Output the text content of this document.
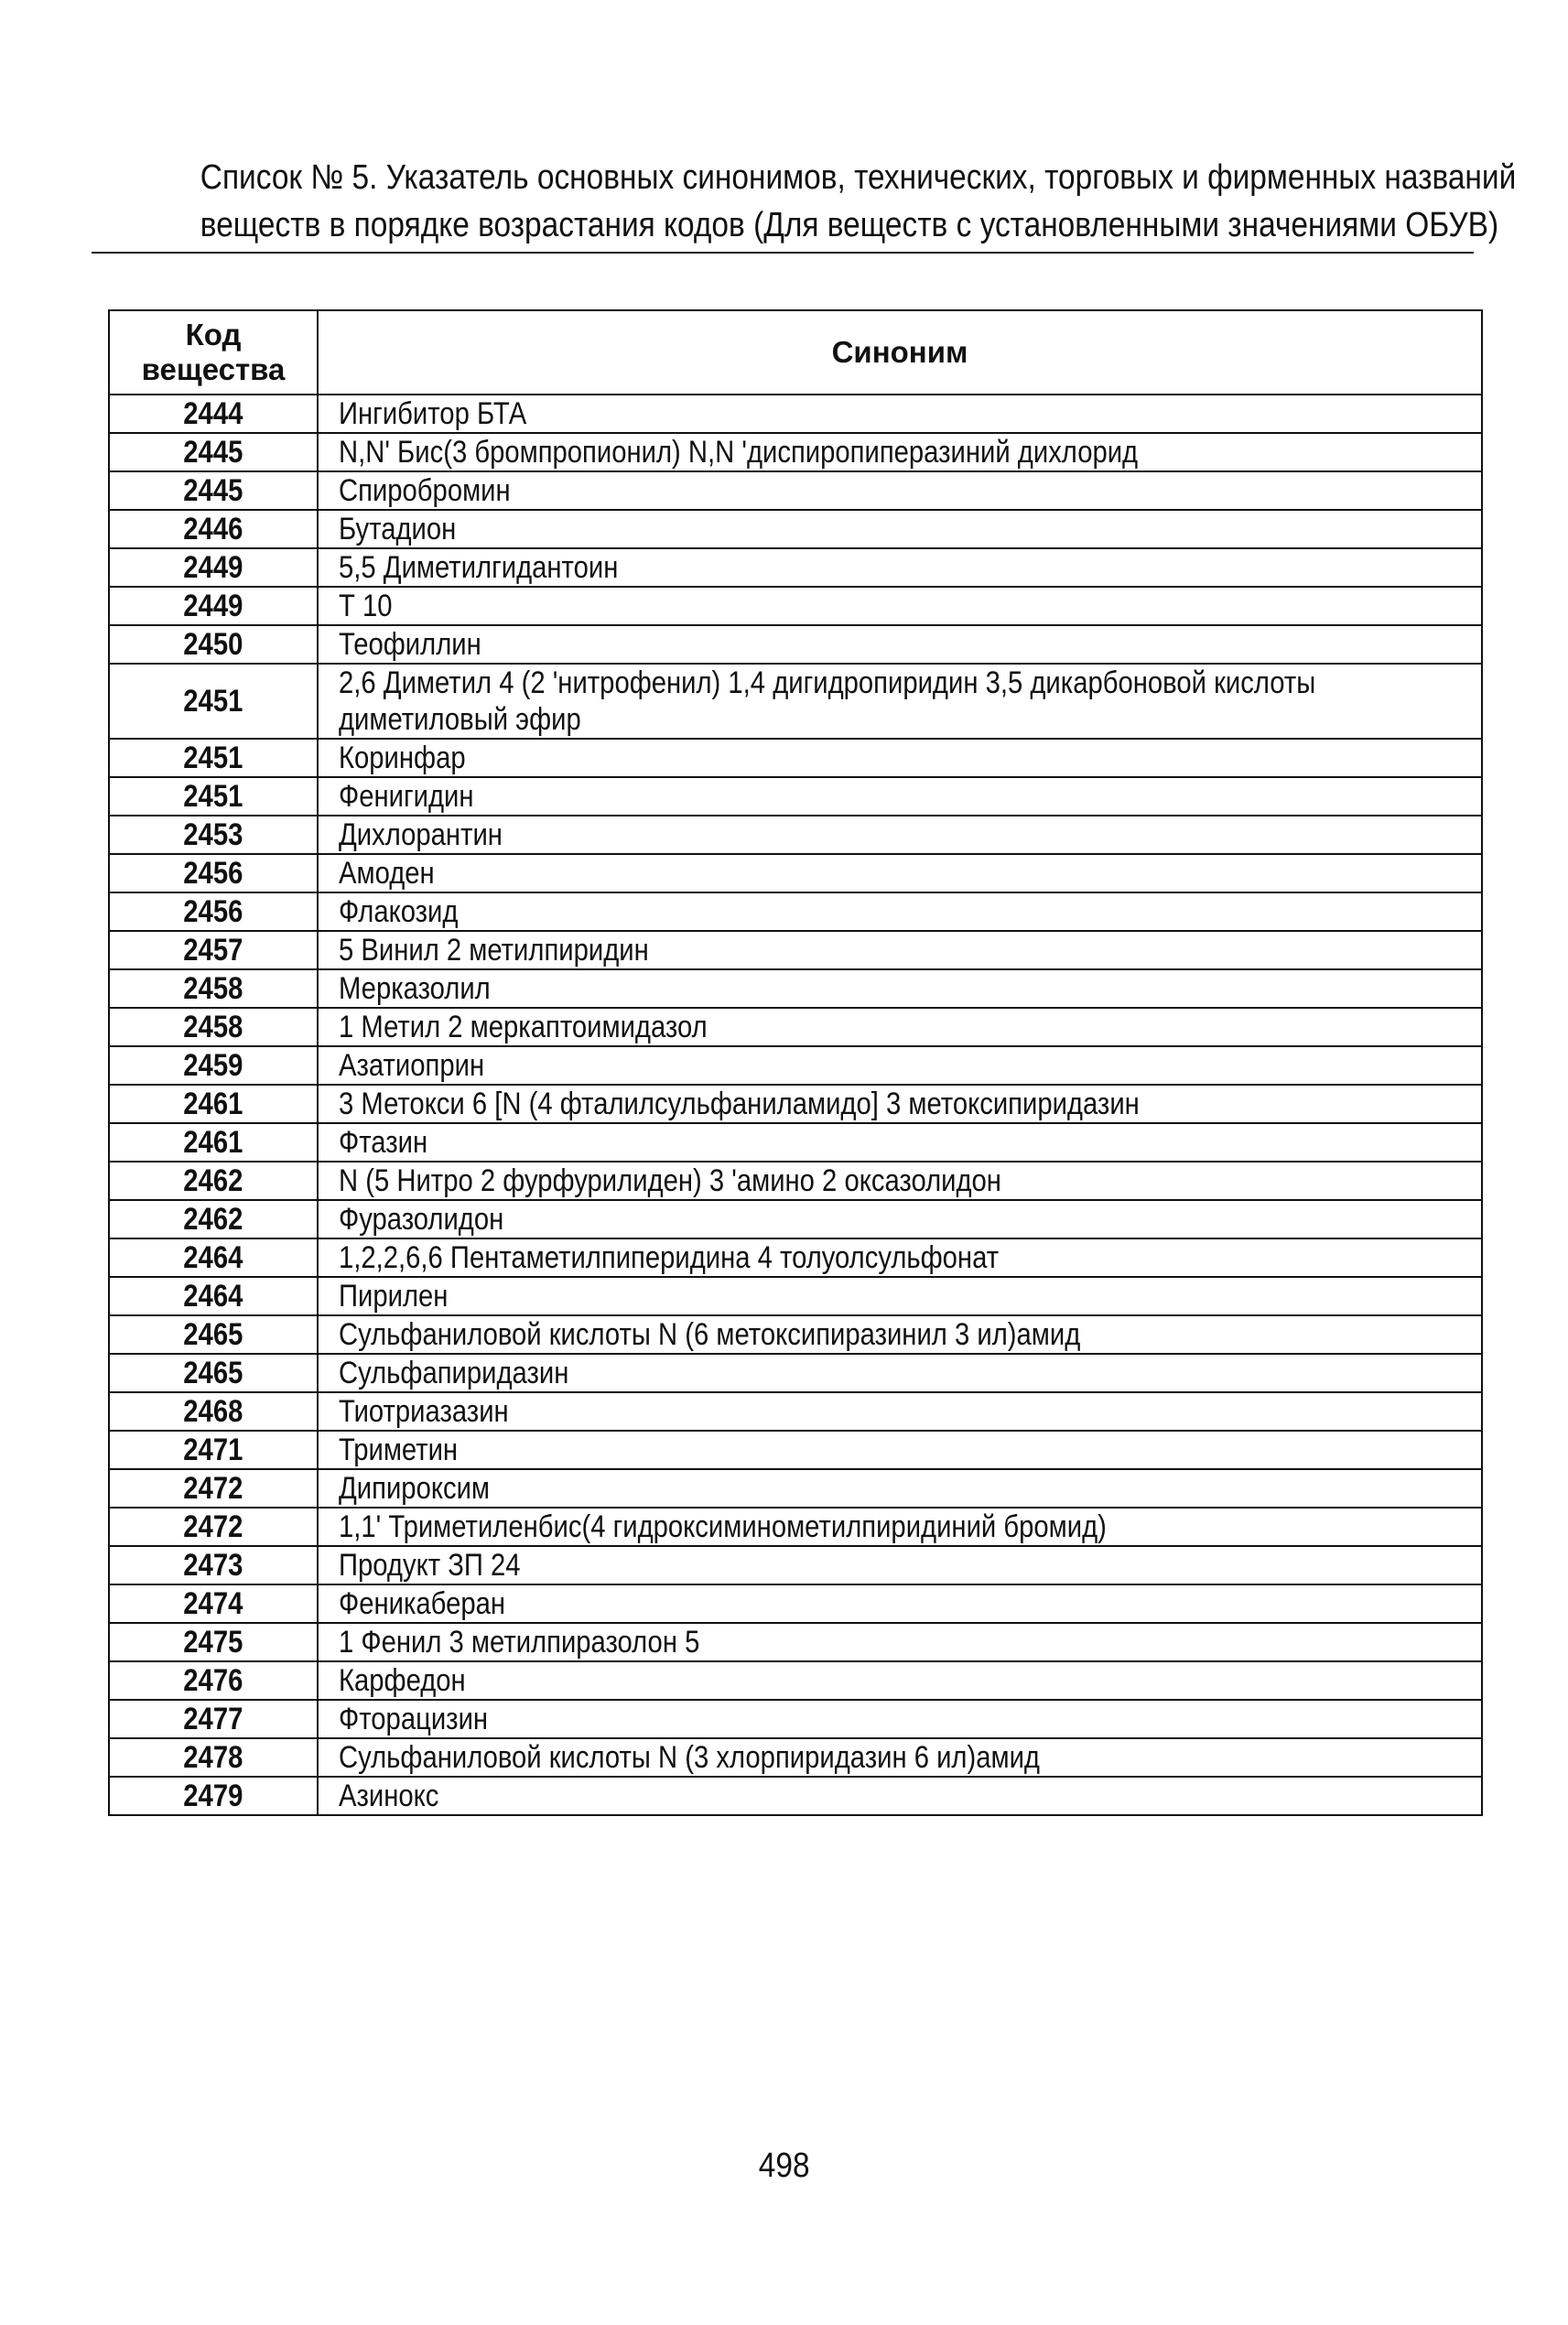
Список № 5. Указатель основных синонимов, технических, торговых и фирменных названий
веществ в порядке возрастания кодов (Для веществ с установленными значениями ОБУВ)
Код
вещества	Синоним
2444	Ингибитор БТА
2445	N,N' Бис(3 бромпропионил) N,N 'диспиропиперазиний дихлорид
2445	Спиробромин
2446	Бутадион
2449	5,5 Диметилгидантоин
2449	Т 10
2450	Теофиллин
2451	2,6 Диметил 4 (2 'нитрофенил) 1,4 дигидропиридин 3,5 дикарбоновой кислоты диметиловый эфир

2451	Коринфар
2451	Фенигидин
2453	Дихлорантин
2456	Амоден
2456	Флакозид
2457	5 Винил 2 метилпиридин
2458	Мерказолил
2458	1 Метил 2 меркаптоимидазол
2459	Азатиоприн
2461	3 Метокси 6 [N (4 фталилсульфаниламидо] 3 метоксипиридазин
2461	Фтазин
2462	N (5 Нитро 2 фурфурилиден) 3 'амино 2 оксазолидон
2462	Фуразолидон
2464	1,2,2,6,6 Пентаметилпиперидина 4 толуолсульфонат
2464	Пирилен
2465	Сульфаниловой кислоты N (6 метоксипиразинил 3 ил)амид
2465	Сульфапиридазин
2468	Тиотриазазин
2471	Триметин
2472	Дипироксим
2472	1,1' Триметиленбис(4 гидроксиминометилпиридиний бромид)
2473	Продукт ЗП 24
2474	Феникаберан
2475	1 Фенил 3 метилпиразолон 5
2476	Карфедон
2477	Фторацизин
2478	Сульфаниловой кислоты N (3 хлорпиридазин 6 ил)амид
2479	Азинокс
498
